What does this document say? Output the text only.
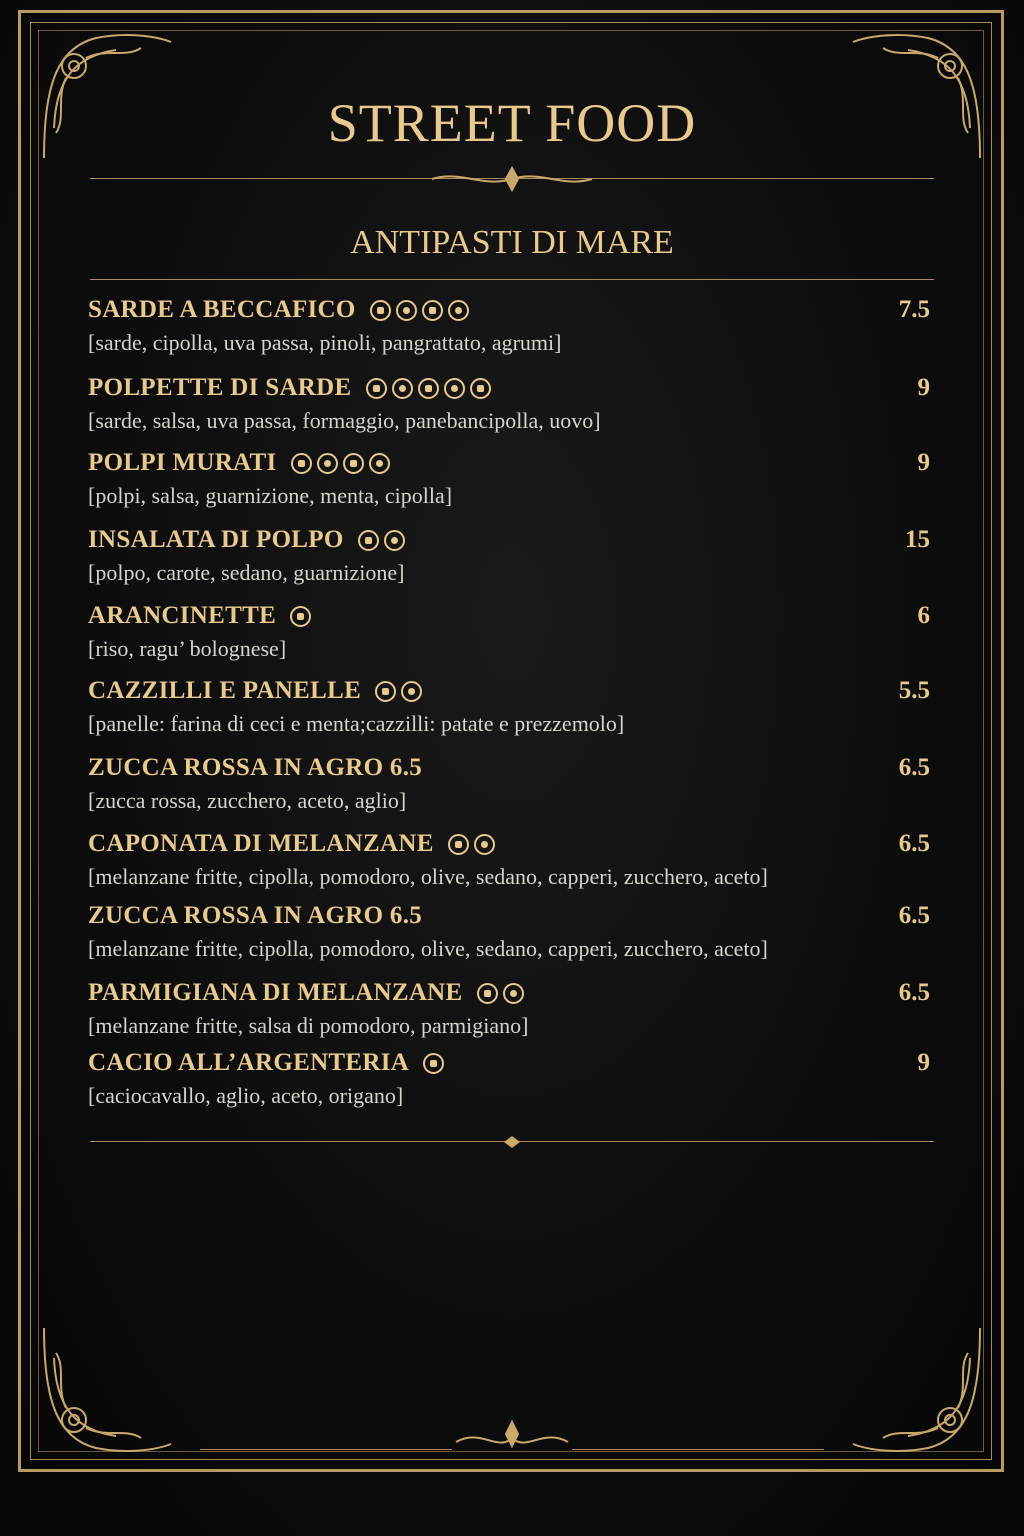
STREET FOOD
ANTIPASTI DI MARE
SARDE A BECCAFICO	7.5
[sarde, cipolla, uva passa, pinoli, pangrattato, agrumi]
POLPETTE DI SARDE	9
[sarde, salsa, uva passa, formaggio, panebancipolla, uovo]
POLPI MURATI	9
[polpi, salsa, guarnizione, menta, cipolla]
INSALATA DI POLPO	15
[polpo, carote, sedano, guarnizione]
ARANCINETTE	6
[riso, ragu’ bolognese]
CAZZILLI E PANELLE	5.5
[panelle: farina di ceci e menta;cazzilli: patate e prezzemolo]
ZUCCA ROSSA IN AGRO 6.5	6.5
[zucca rossa, zucchero, aceto, aglio]
CAPONATA DI MELANZANE	6.5
[melanzane fritte, cipolla, pomodoro, olive, sedano, capperi, zucchero, aceto]
ZUCCA ROSSA IN AGRO 6.5	6.5
[melanzane fritte, cipolla, pomodoro, olive, sedano, capperi, zucchero, aceto]
PARMIGIANA DI MELANZANE	6.5
[melanzane fritte, salsa di pomodoro, parmigiano]
CACIO ALL’ARGENTERIA	9
[caciocavallo, aglio, aceto, origano]
